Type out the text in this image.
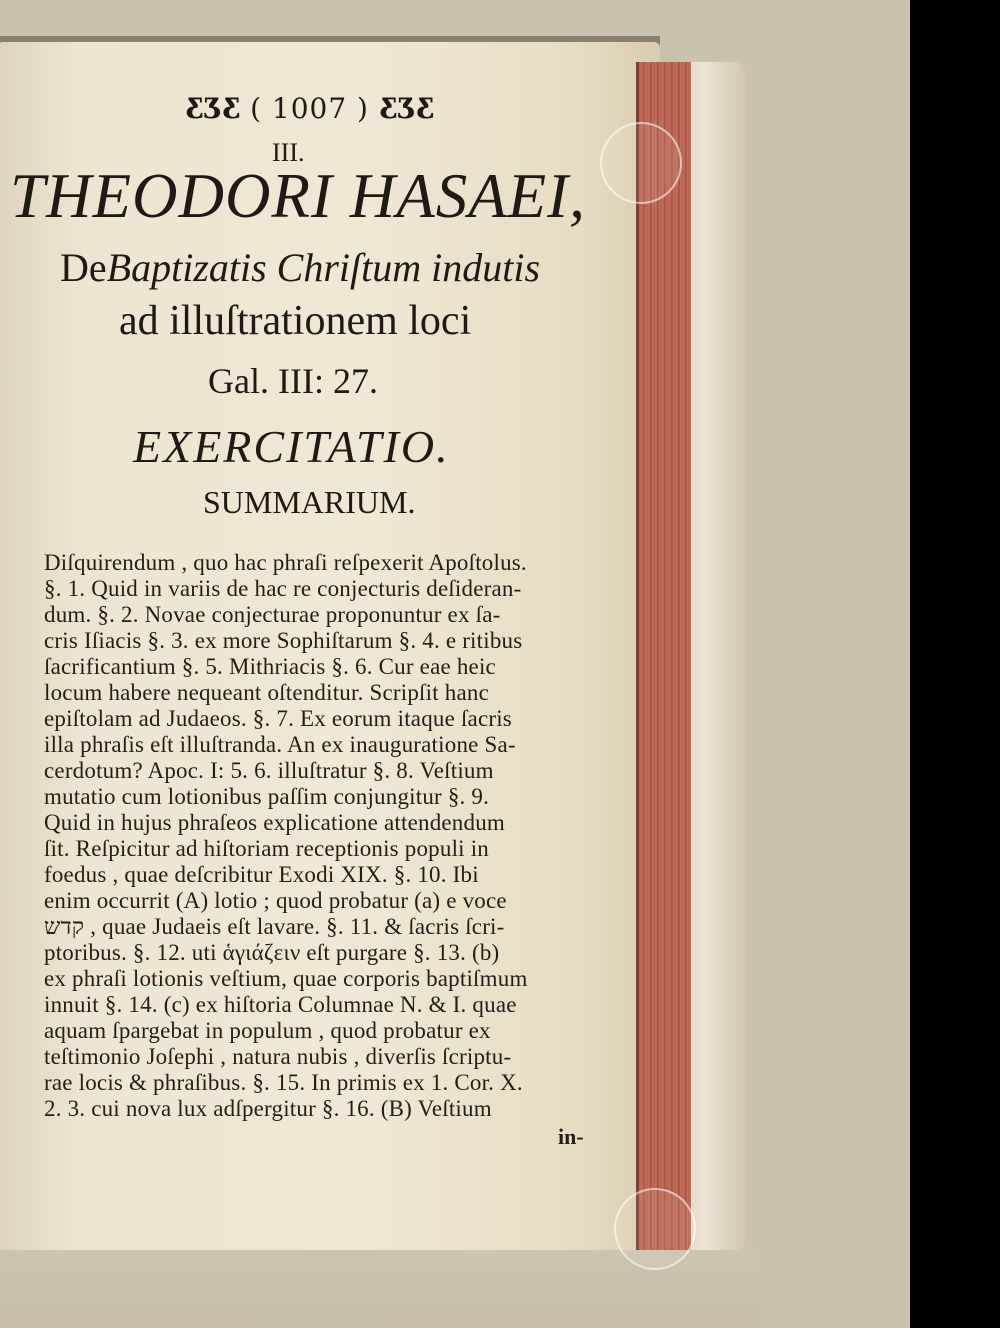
ƸƷƸ ( 1007 ) ƸƷƸ
III.
THEODORI HASAEI,
DeBaptizatis Chriſtum indutis
ad illuſtrationem loci
Gal. III: 27.
EXERCITATIO.
SUMMARIUM.
Diſquirendum , quo hac phraſi reſpexerit Apoſtolus.
§. 1. Quid in variis de hac re conjecturis deſideran-
dum. §. 2. Novae conjecturae proponuntur ex ſa-
cris Iſiacis §. 3. ex more Sophiſtarum §. 4. e ritibus
ſacrificantium §. 5. Mithriacis §. 6. Cur eae heic
locum habere nequeant oſtenditur. Scripſit hanc
epiſtolam ad Judaeos. §. 7. Ex eorum itaque ſacris
illa phraſis eſt illuſtranda. An ex inauguratione Sa-
cerdotum? Apoc. I: 5. 6. illuſtratur §. 8. Veſtium
mutatio cum lotionibus paſſim conjungitur §. 9.
Quid in hujus phraſeos explicatione attendendum
ſit. Reſpicitur ad hiſtoriam receptionis populi in
foedus , quae deſcribitur Exodi XIX. §. 10. Ibi
enim occurrit (A) lotio ; quod probatur (a) e voce
קדש , quae Judaeis eſt lavare. §. 11. & ſacris ſcri-
ptoribus. §. 12. uti ἁγιάζειν eſt purgare §. 13. (b)
ex phraſi lotionis veſtium, quae corporis baptiſmum
innuit §. 14. (c) ex hiſtoria Columnae N. & I. quae
aquam ſpargebat in populum , quod probatur ex
teſtimonio Joſephi , natura nubis , diverſis ſcriptu-
rae locis & phraſibus. §. 15. In primis ex 1. Cor. X.
2. 3. cui nova lux adſpergitur §. 16. (B) Veſtium
in-
